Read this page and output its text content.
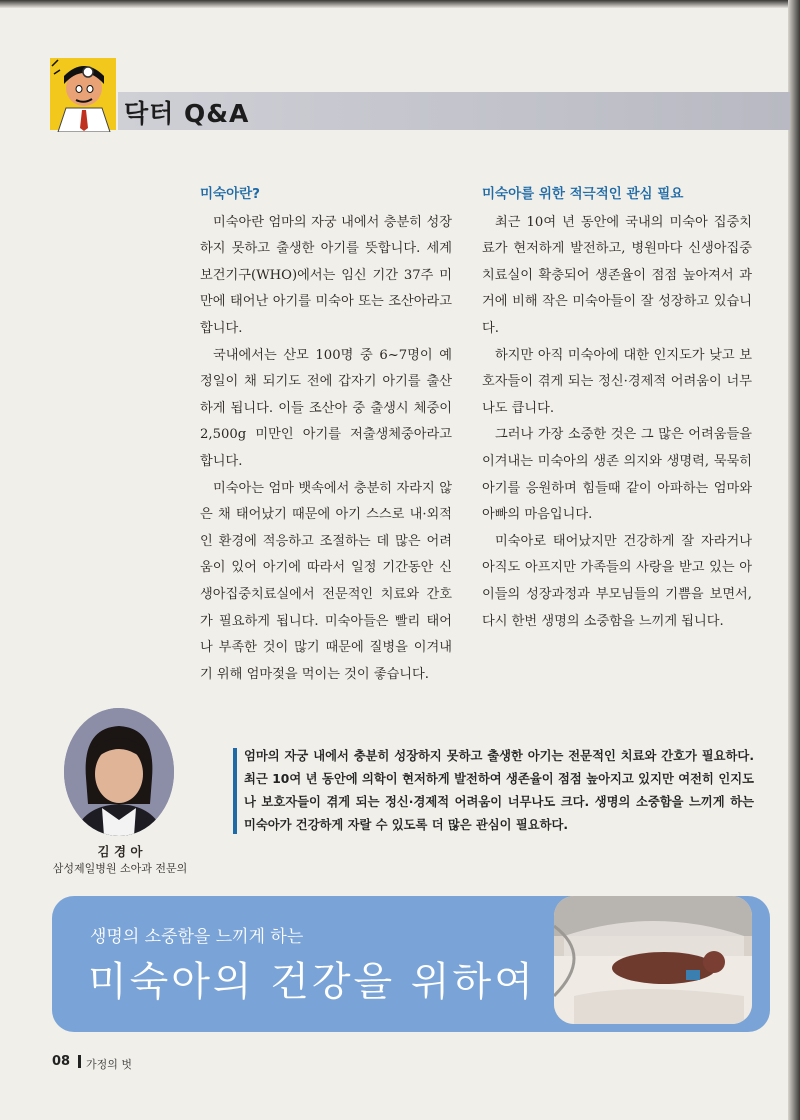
닥터 Q&A

미숙아란?

미숙아란 엄마의 자궁 내에서 충분히 성장하지 못하고 출생한 아기를 뜻합니다. 세계보건기구(WHO)에서는 임신 기간 37주 미만에 태어난 아기를 미숙아 또는 조산아라고 합니다.

국내에서는 산모 100명 중 6~7명이 예정일이 채 되기도 전에 갑자기 아기를 출산하게 됩니다. 이들 조산아 중 출생시 체중이 2,500g 미만인 아기를 저출생체중아라고 합니다.

미숙아는 엄마 뱃속에서 충분히 자라지 않은 채 태어났기 때문에 아기 스스로 내·외적인 환경에 적응하고 조절하는 데 많은 어려움이 있어 아기에 따라서 일정 기간동안 신생아집중치료실에서 전문적인 치료와 간호가 필요하게 됩니다. 미숙아들은 빨리 태어나 부족한 것이 많기 때문에 질병을 이겨내기 위해 엄마젖을 먹이는 것이 좋습니다.

미숙아를 위한 적극적인 관심 필요

최근 10여 년 동안에 국내의 미숙아 집중치료가 현저하게 발전하고, 병원마다 신생아집중치료실이 확충되어 생존율이 점점 높아져서 과거에 비해 작은 미숙아들이 잘 성장하고 있습니다.

하지만 아직 미숙아에 대한 인지도가 낮고 보호자들이 겪게 되는 정신·경제적 어려움이 너무나도 큽니다.

그러나 가장 소중한 것은 그 많은 어려움들을 이겨내는 미숙아의 생존 의지와 생명력, 묵묵히 아기를 응원하며 힘들때 같이 아파하는 엄마와 아빠의 마음입니다.

미숙아로 태어났지만 건강하게 잘 자라거나 아직도 아프지만 가족들의 사랑을 받고 있는 아이들의 성장과정과 부모님들의 기쁨을 보면서, 다시 한번 생명의 소중함을 느끼게 됩니다.

김 경 아
삼성제일병원 소아과 전문의
엄마의 자궁 내에서 충분히 성장하지 못하고 출생한 아기는 전문적인 치료와 간호가 필요하다. 최근 10여 년 동안에 의학이 현저하게 발전하여 생존율이 점점 높아지고 있지만 여전히 인지도나 보호자들이 겪게 되는 정신·경제적 어려움이 너무나도 크다. 생명의 소중함을 느끼게 하는 미숙아가 건강하게 자랄 수 있도록 더 많은 관심이 필요하다.
생명의 소중함을 느끼게 하는
미숙아의 건강을 위하여
08 가정의 벗
